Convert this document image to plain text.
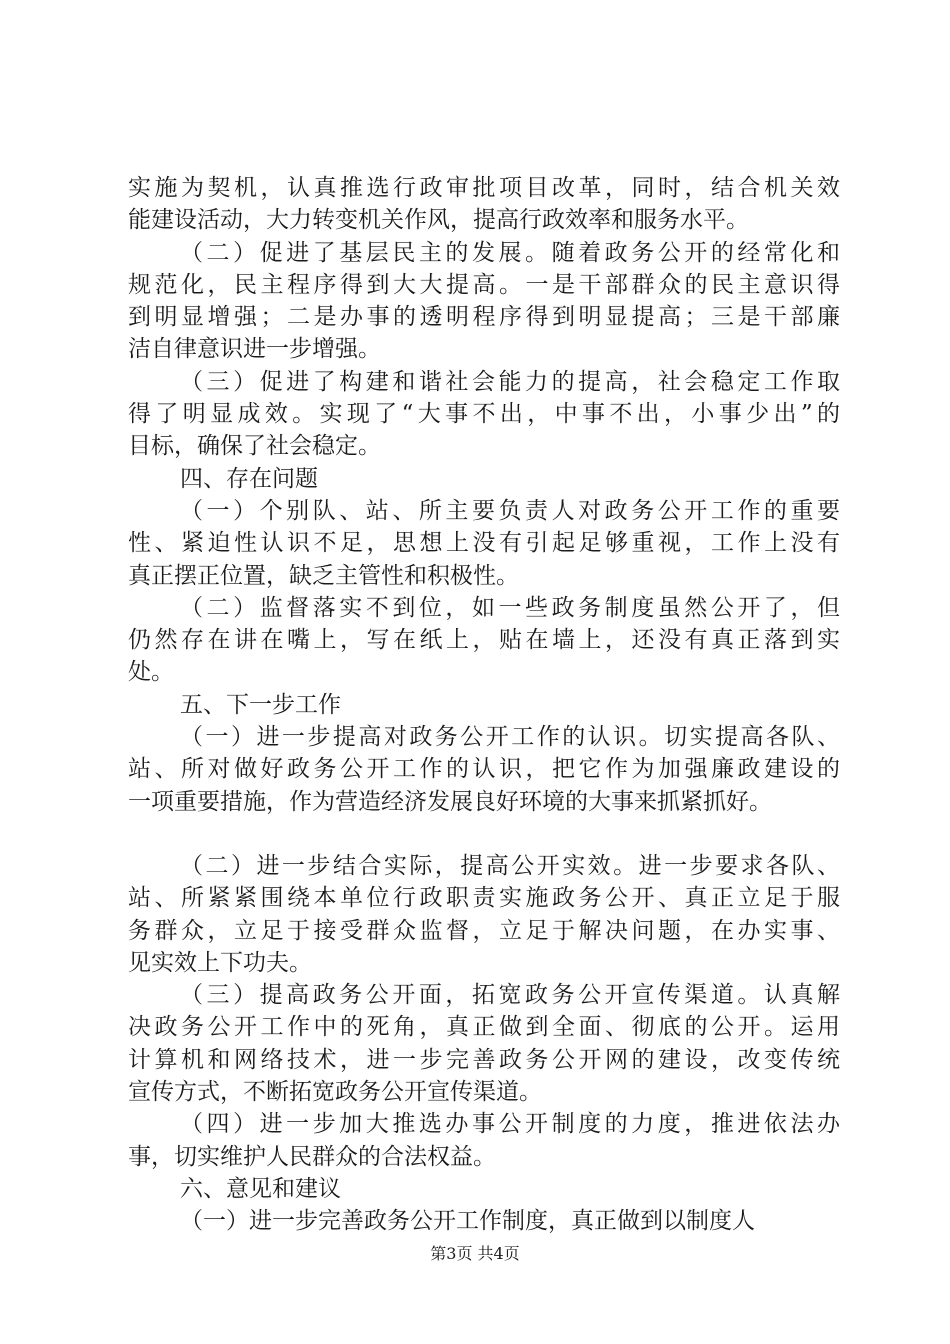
实施为契机，认真推选行政审批项目改革，同时，结合机关效
能建设活动，大力转变机关作风，提高行政效率和服务水平。
（二）促进了基层民主的发展。随着政务公开的经常化和
规范化，民主程序得到大大提高。一是干部群众的民主意识得
到明显增强；二是办事的透明程序得到明显提高；三是干部廉
洁自律意识进一步增强。
（三）促进了构建和谐社会能力的提高，社会稳定工作取
得了明显成效。实现了“大事不出，中事不出，小事少出”的
目标，确保了社会稳定。
四、存在问题
（一）个别队、站、所主要负责人对政务公开工作的重要
性、紧迫性认识不足，思想上没有引起足够重视，工作上没有
真正摆正位置，缺乏主管性和积极性。
（二）监督落实不到位，如一些政务制度虽然公开了，但
仍然存在讲在嘴上，写在纸上，贴在墙上，还没有真正落到实
处。
五、下一步工作
（一）进一步提高对政务公开工作的认识。切实提高各队、
站、所对做好政务公开工作的认识，把它作为加强廉政建设的
一项重要措施，作为营造经济发展良好环境的大事来抓紧抓好。
（二）进一步结合实际，提高公开实效。进一步要求各队、
站、所紧紧围绕本单位行政职责实施政务公开、真正立足于服
务群众，立足于接受群众监督，立足于解决问题，在办实事、
见实效上下功夫。
（三）提高政务公开面，拓宽政务公开宣传渠道。认真解
决政务公开工作中的死角，真正做到全面、彻底的公开。运用
计算机和网络技术，进一步完善政务公开网的建设，改变传统
宣传方式，不断拓宽政务公开宣传渠道。
（四）进一步加大推选办事公开制度的力度，推进依法办
事，切实维护人民群众的合法权益。
六、意见和建议
（一）进一步完善政务公开工作制度，真正做到以制度人
第3页 共4页
